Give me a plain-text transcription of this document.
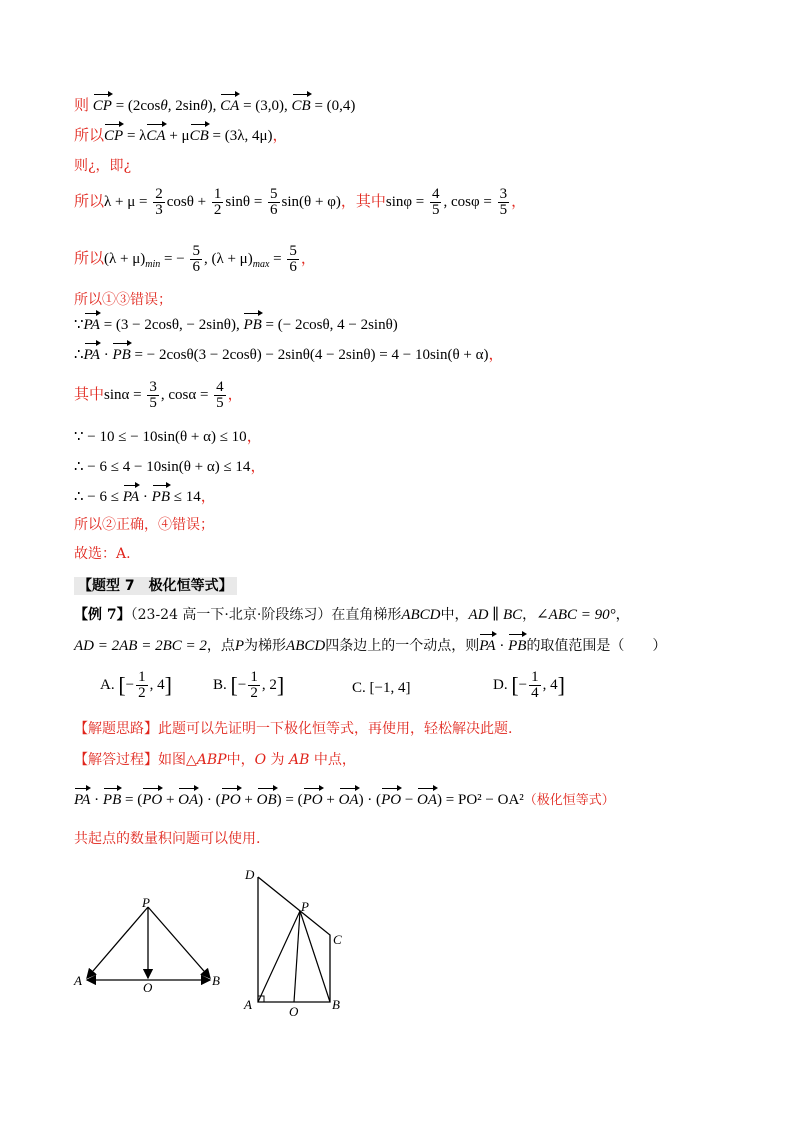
则 CP = (2cosθ, 2sinθ), CA = (3,0), CB = (0,4)
所以CP = λCA + μCB = (3λ, 4μ)，
则¿，即¿
所以$\lambda + \mu = \frac{2}{3}$ $\cos\theta + \frac{1}{2}$ $\sin\theta = \frac{5}{6} \sin(\theta + \varphi)$，其中$\sin\varphi = \frac{4}{5}$ , $\cos\varphi = \frac{3}{5}$ ，
所以$(\lambda + \mu)_{min}$ = − $\frac{5}{6}$ , $(\lambda + \mu)_{max} = \frac{5}{6}$ ，
所以①③错误；
∵PA = (3 − 2cosθ, − 2sinθ), PB = (− 2cosθ, 4 − 2sinθ)
∴PA · PB = − 2cosθ(3 − 2cosθ) − 2sinθ(4 − 2sinθ) = 4 − 10sin(θ + α)，
其中$\sin\alpha = \frac{3}{5}$ , $\cos\alpha = \frac{4}{5}$ ，
∵ − 10 ≤ − 10sin(θ + α) ≤ 10，
∴ − 6 ≤ 4 − 10sin(θ + α) ≤ 14，
∴ − 6 ≤ PA · PB ≤ 14，
所以②正确，④错误；
故选：A.
【题型 7　极化恒等式】
【例 7】（23-24 高一下·北京·阶段练习）在直角梯形ABCD中，AD ∥ BC，∠ABC = 90°，
AD = 2AB = 2BC = 2，点P为梯形ABCD四条边上的一个动点，则PA · PB的取值范围是（　　）
A. [− $\frac{1}{2}$ , 4]	B. [− $\frac{1}{2}$ , 2]	C. [−1, 4]	D. [− $\frac{1}{4}$ , 4]
【解题思路】此题可以先证明一下极化恒等式，再使用，轻松解决此题.
【解答过程】如图△ABP中，O 为 AB 中点，
PA · PB = (PO + OA) · (PO + OB) = (PO + OA) · (PO − OA) = PO² − OA²（极化恒等式）
共起点的数量积问题可以使用.
P
A	O	B
D
P
C
A	O	B
